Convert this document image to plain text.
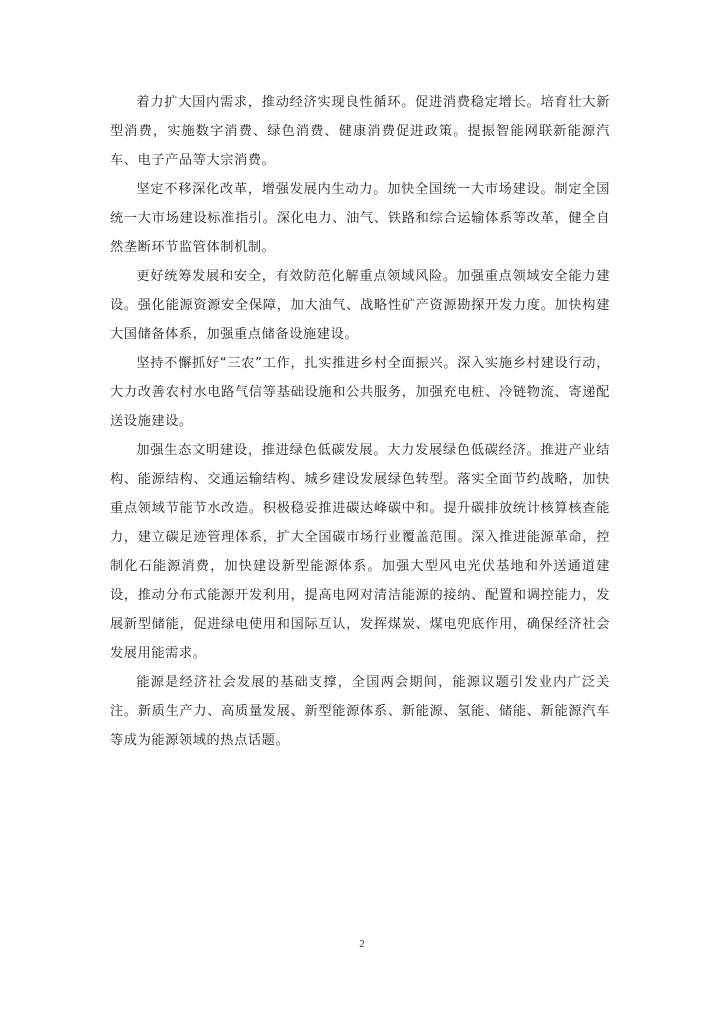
着力扩大国内需求，推动经济实现良性循环。促进消费稳定增长。培育壮大新型消费，实施数字消费、绿色消费、健康消费促进政策。提振智能网联新能源汽车、电子产品等大宗消费。

坚定不移深化改革，增强发展内生动力。加快全国统一大市场建设。制定全国统一大市场建设标准指引。深化电力、油气、铁路和综合运输体系等改革，健全自然垄断环节监管体制机制。

更好统筹发展和安全，有效防范化解重点领域风险。加强重点领域安全能力建设。强化能源资源安全保障，加大油气、战略性矿产资源勘探开发力度。加快构建大国储备体系，加强重点储备设施建设。

坚持不懈抓好“三农”工作，扎实推进乡村全面振兴。深入实施乡村建设行动，大力改善农村水电路气信等基础设施和公共服务，加强充电桩、冷链物流、寄递配送设施建设。

加强生态文明建设，推进绿色低碳发展。大力发展绿色低碳经济。推进产业结构、能源结构、交通运输结构、城乡建设发展绿色转型。落实全面节约战略，加快重点领域节能节水改造。积极稳妥推进碳达峰碳中和。提升碳排放统计核算核查能力，建立碳足迹管理体系，扩大全国碳市场行业覆盖范围。深入推进能源革命，控制化石能源消费，加快建设新型能源体系。加强大型风电光伏基地和外送通道建设，推动分布式能源开发利用，提高电网对清洁能源的接纳、配置和调控能力，发展新型储能，促进绿电使用和国际互认，发挥煤炭、煤电兜底作用，确保经济社会发展用能需求。

能源是经济社会发展的基础支撑，全国两会期间，能源议题引发业内广泛关注。新质生产力、高质量发展、新型能源体系、新能源、氢能、储能、新能源汽车等成为能源领域的热点话题。

2
